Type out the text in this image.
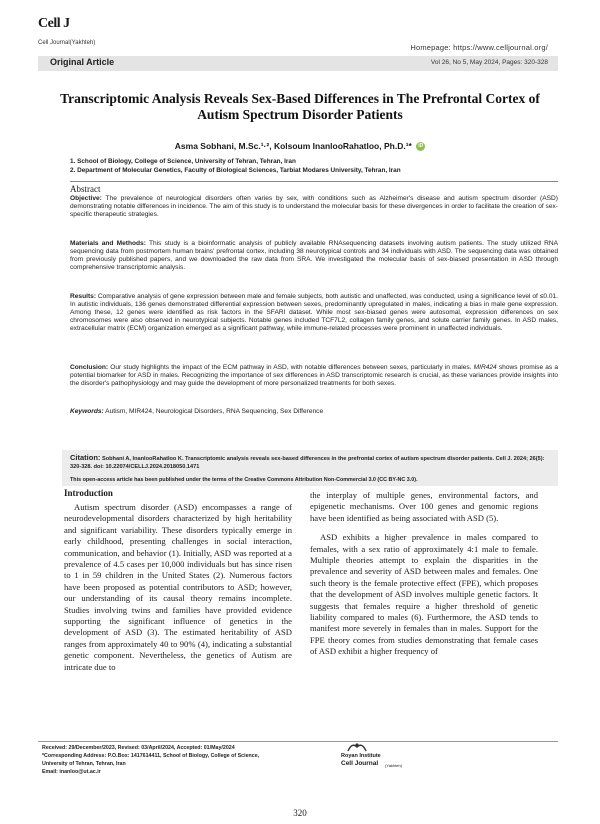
Cell J
Cell Journal(Yakhteh)	Homepage: https://www.celljournal.org/
Original Article	Vol 26, No 5, May 2024, Pages: 320-328
Transcriptomic Analysis Reveals Sex-Based Differences in The Prefrontal Cortex of Autism Spectrum Disorder Patients
Asma Sobhani, M.Sc.¹·², Kolsoum InanlooRahatloo, Ph.D.¹* iD
1. School of Biology, College of Science, University of Tehran, Tehran, Iran
2. Department of Molecular Genetics, Faculty of Biological Sciences, Tarbiat Modares University, Tehran, Iran
Abstract
Objective: The prevalence of neurological disorders often varies by sex, with conditions such as Alzheimer's disease and autism spectrum disorder (ASD) demonstrating notable differences in incidence. The aim of this study is to understand the molecular basis for these divergences in order to facilitate the creation of sex-specific therapeutic strategies.
Materials and Methods: This study is a bioinformatic analysis of publicly available RNAsequencing datasets involving autism patients. The study utilized RNA sequencing data from postmortem human brains' prefrontal cortex, including 38 neurotypical controls and 34 individuals with ASD. The sequencing data was obtained from previously published papers, and we downloaded the raw data from SRA. We investigated the molecular basis of sex-biased presentation in ASD through comprehensive transcriptomic analysis.
Results: Comparative analysis of gene expression between male and female subjects, both autistic and unaffected, was conducted, using a significance level of ≤0.01. In autistic individuals, 136 genes demonstrated differential expression between sexes, predominantly upregulated in males, indicating a bias in male gene expression. Among these, 12 genes were identified as risk factors in the SFARI dataset. While most sex-biased genes were autosomal, expression differences on sex chromosomes were also observed in neurotypical subjects. Notable genes included TCF7L2, collagen family genes, and solute carrier family genes. In ASD males, extracellular matrix (ECM) organization emerged as a significant pathway, while immune-related processes were prominent in unaffected individuals.
Conclusion: Our study highlights the impact of the ECM pathway in ASD, with notable differences between sexes, particularly in males. MIR424 shows promise as a potential biomarker for ASD in males. Recognizing the importance of sex differences in ASD transcriptomic research is crucial, as these variances provide insights into the disorder's pathophysiology and may guide the development of more personalized treatments for both sexes.
Keywords: Autism, MIR424, Neurological Disorders, RNA Sequencing, Sex Difference
Citation: Sobhani A, InanlooRahatloo K. Transcriptomic analysis reveals sex-based differences in the prefrontal cortex of autism spectrum disorder patients. Cell J. 2024; 26(5): 320-328. doi: 10.22074/CELLJ.2024.2018050.1471
This open-access article has been published under the terms of the Creative Commons Attribution Non-Commercial 3.0 (CC BY-NC 3.0).
Introduction

Autism spectrum disorder (ASD) encompasses a range of neurodevelopmental disorders characterized by high heritability and significant variability. These disorders typically emerge in early childhood, presenting challenges in social interaction, communication, and behavior (1). Initially, ASD was reported at a prevalence of 4.5 cases per 10,000 individuals but has since risen to 1 in 59 children in the United States (2). Numerous factors have been proposed as potential contributors to ASD; however, our understanding of its causal theory remains incomplete. Studies involving twins and families have provided evidence supporting the significant influence of genetics in the development of ASD (3). The estimated heritability of ASD ranges from approximately 40 to 90% (4), indicating a substantial genetic component. Nevertheless, the genetics of Autism are intricate due to

the interplay of multiple genes, environmental factors, and epigenetic mechanisms. Over 100 genes and genomic regions have been identified as being associated with ASD (5).

ASD exhibits a higher prevalence in males compared to females, with a sex ratio of approximately 4:1 male to female. Multiple theories attempt to explain the disparities in the prevalence and severity of ASD between males and females. One such theory is the female protective effect (FPE), which proposes that the development of ASD involves multiple genetic factors. It suggests that females require a higher threshold of genetic liability compared to males (6). Furthermore, the ASD tends to manifest more severely in females than in males. Support for the FPE theory comes from studies demonstrating that female cases of ASD exhibit a higher frequency of

Received: 29/December/2023, Revised: 03/April/2024, Accepted: 01/May/2024
*Corresponding Address: P.O.Box: 1417614411, School of Biology, College of Science, University of Tehran, Tehran, Iran
Email: inanloo@ut.ac.ir
Royan Institute
Cell Journal (Yakhteh)
320
